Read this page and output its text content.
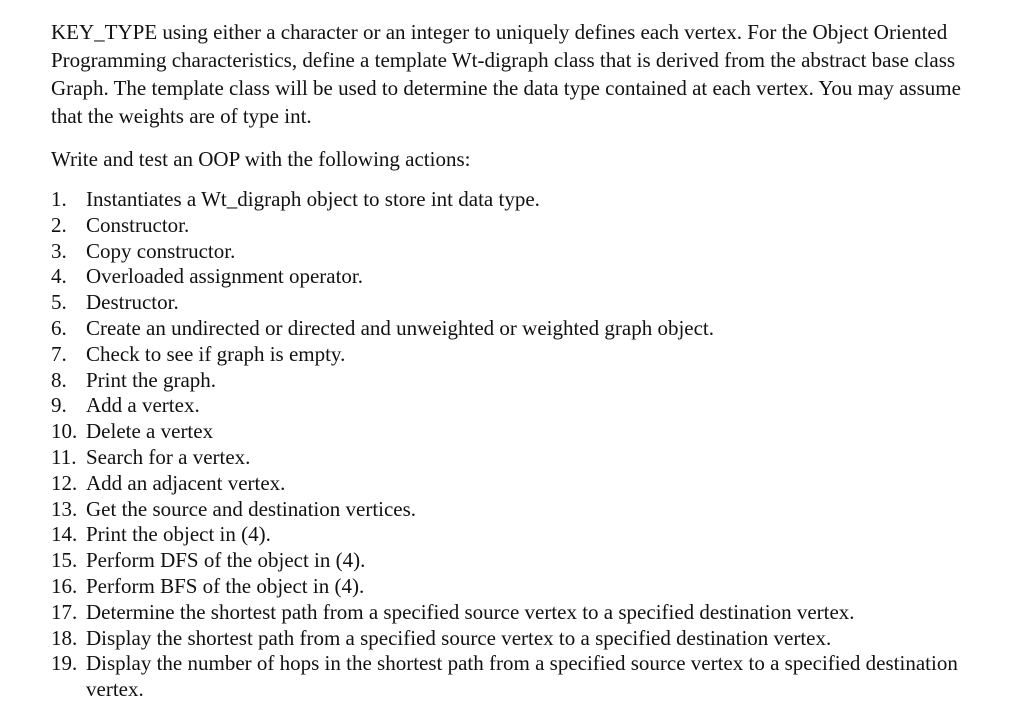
KEY_TYPE using either a character or an integer to uniquely defines each vertex. For the Object Oriented Programming characteristics, define a template Wt-digraph class that is derived from the abstract base class Graph. The template class will be used to determine the data type contained at each vertex. You may assume that the weights are of type int.

Write and test an OOP with the following actions:

1. Instantiates a Wt_digraph object to store int data type.
2. Constructor.
3. Copy constructor.
4. Overloaded assignment operator.
5. Destructor.
6. Create an undirected or directed and unweighted or weighted graph object.
7. Check to see if graph is empty.
8. Print the graph.
9. Add a vertex.
10. Delete a vertex
11. Search for a vertex.
12. Add an adjacent vertex.
13. Get the source and destination vertices.
14. Print the object in (4).
15. Perform DFS of the object in (4).
16. Perform BFS of the object in (4).
17. Determine the shortest path from a specified source vertex to a specified destination vertex.
18. Display the shortest path from a specified source vertex to a specified destination vertex.
19. Display the number of hops in the shortest path from a specified source vertex to a specified destination vertex.
